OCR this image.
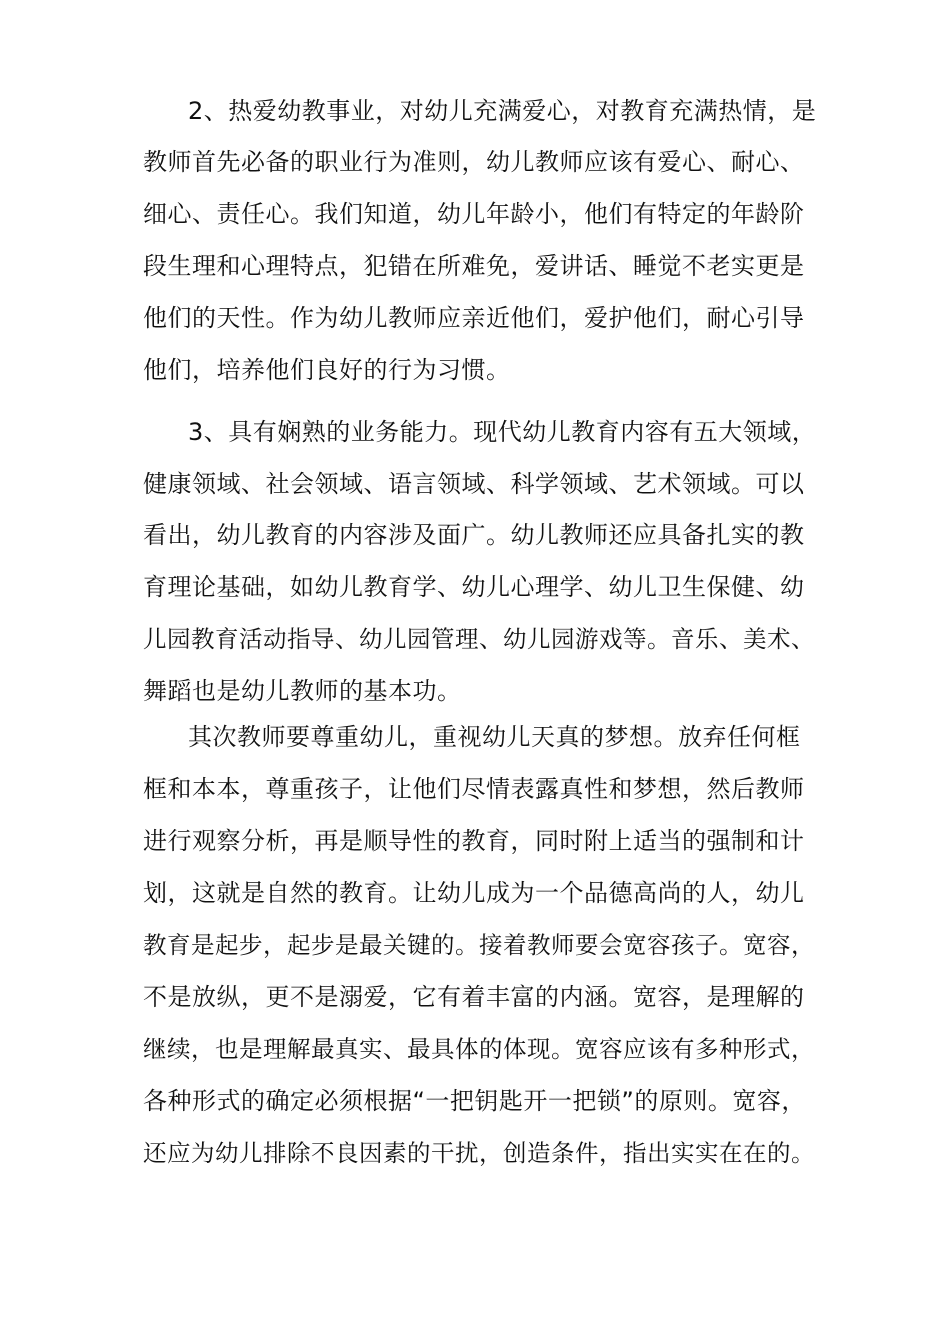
2、热爱幼教事业，对幼儿充满爱心，对教育充满热情，是
教师首先必备的职业行为准则，幼儿教师应该有爱心、耐心、
细心、责任心。我们知道，幼儿年龄小，他们有特定的年龄阶
段生理和心理特点，犯错在所难免，爱讲话、睡觉不老实更是
他们的天性。作为幼儿教师应亲近他们，爱护他们，耐心引导
他们，培养他们良好的行为习惯。
3、具有娴熟的业务能力。现代幼儿教育内容有五大领域，
健康领域、社会领域、语言领域、科学领域、艺术领域。可以
看出，幼儿教育的内容涉及面广。幼儿教师还应具备扎实的教
育理论基础，如幼儿教育学、幼儿心理学、幼儿卫生保健、幼
儿园教育活动指导、幼儿园管理、幼儿园游戏等。音乐、美术、
舞蹈也是幼儿教师的基本功。
其次教师要尊重幼儿，重视幼儿天真的梦想。放弃任何框
框和本本，尊重孩子，让他们尽情表露真性和梦想，然后教师
进行观察分析，再是顺导性的教育，同时附上适当的强制和计
划，这就是自然的教育。让幼儿成为一个品德高尚的人，幼儿
教育是起步，起步是最关键的。接着教师要会宽容孩子。宽容，
不是放纵，更不是溺爱，它有着丰富的内涵。宽容，是理解的
继续，也是理解最真实、最具体的体现。宽容应该有多种形式，
各种形式的确定必须根据“一把钥匙开一把锁”的原则。宽容，
还应为幼儿排除不良因素的干扰，创造条件，指出实实在在的。
